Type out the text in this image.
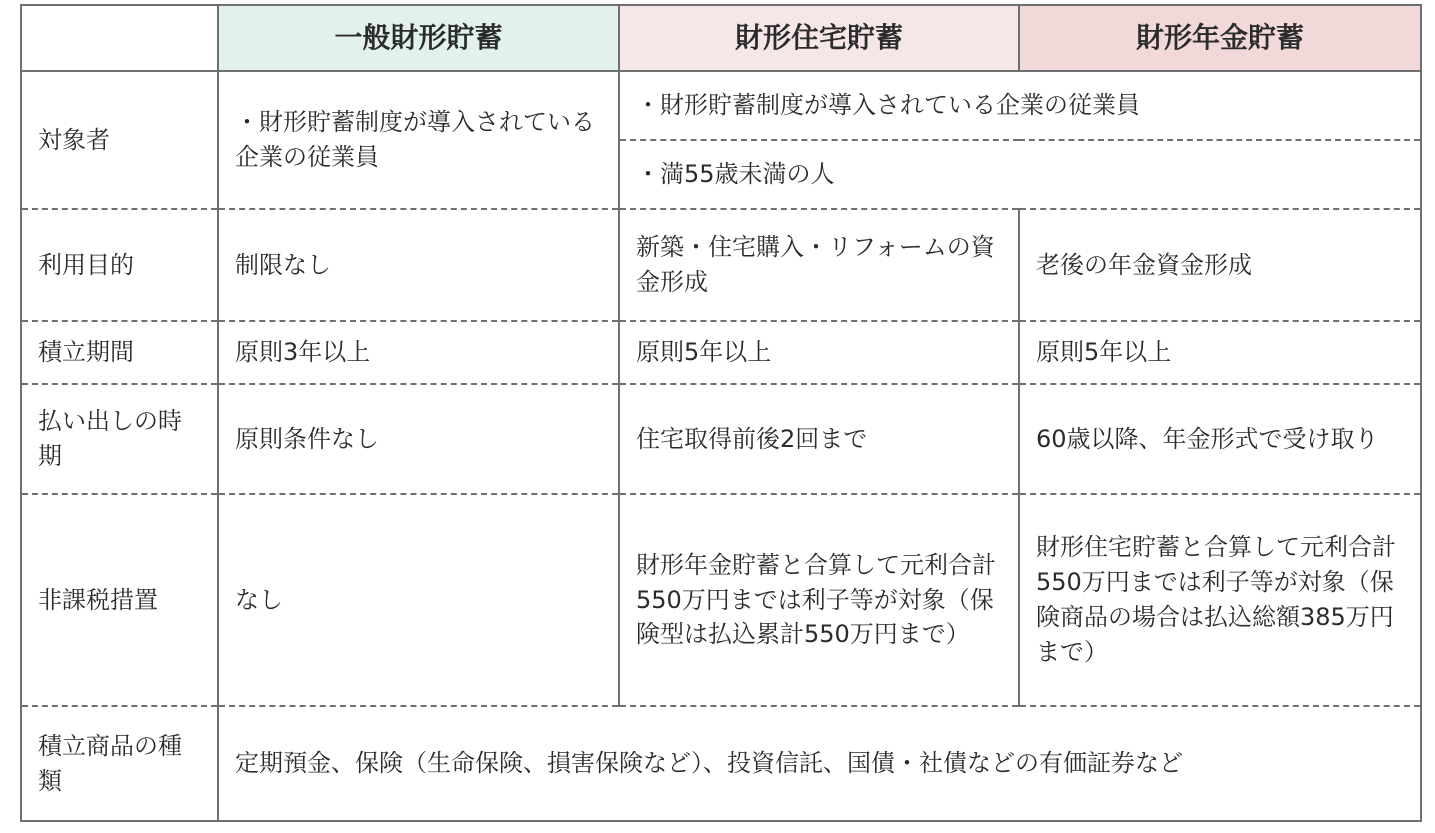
	一般財形貯蓄	財形住宅貯蓄	財形年金貯蓄
対象者	・財形貯蓄制度が導入されている企業の従業員	・財形貯蓄制度が導入されている企業の従業員	
		・満55歳未満の人	
利用目的	制限なし	新築・住宅購入・リフォームの資金形成	老後の年金資金形成
積立期間	原則3年以上	原則5年以上	原則5年以上
払い出しの時期	原則条件なし	住宅取得前後2回まで	60歳以降、年金形式で受け取り
非課税措置	なし	財形年金貯蓄と合算して元利合計550万円までは利子等が対象（保険型は払込累計550万円まで）	財形住宅貯蓄と合算して元利合計550万円までは利子等が対象（保険商品の場合は払込総額385万円まで）
積立商品の種類	定期預金、保険（生命保険、損害保険など）、投資信託、国債・社債などの有価証券など		
